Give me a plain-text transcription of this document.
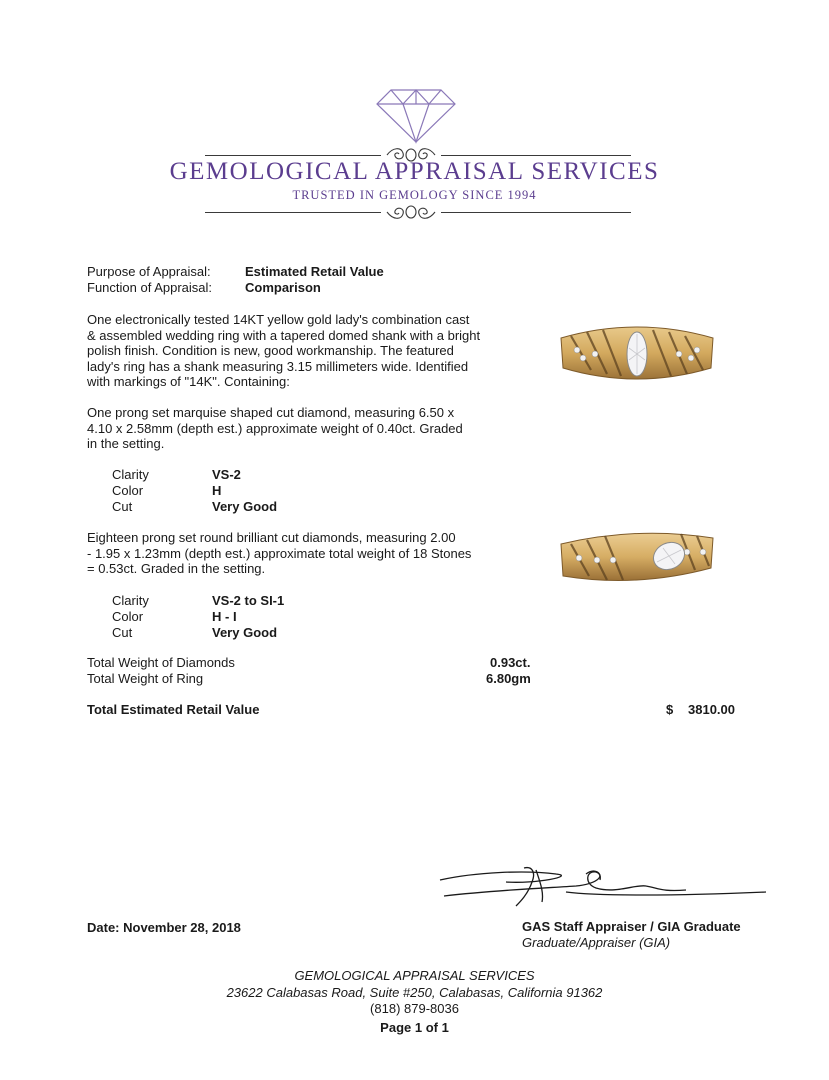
GEMOLOGICAL APPRAISAL SERVICES
TRUSTED IN GEMOLOGY SINCE 1994
Purpose of Appraisal:	Estimated Retail Value
Function of Appraisal:	Comparison
One electronically tested 14KT yellow gold lady's combination cast
& assembled wedding ring with a tapered domed shank with a bright
polish finish. Condition is new, good workmanship. The featured
lady's ring has a shank measuring 3.15 millimeters wide. Identified
with markings of "14K". Containing:
One prong set marquise shaped cut diamond, measuring 6.50 x
4.10 x 2.58mm (depth est.) approximate weight of 0.40ct. Graded
in the setting.
Clarity	VS-2
Color	H
Cut	Very Good
Eighteen prong set round brilliant cut diamonds, measuring 2.00
- 1.95 x 1.23mm (depth est.) approximate total weight of 18 Stones
= 0.53ct. Graded in the setting.
Clarity	VS-2 to SI-1
Color	H - I
Cut	Very Good
Total Weight of Diamonds	0.93ct.
Total Weight of Ring	6.80gm
Total Estimated Retail Value	$ 3810.00
Date: November 28, 2018	GAS Staff Appraiser / GIA Graduate
Graduate/Appraiser (GIA)
GEMOLOGICAL APPRAISAL SERVICES
23622 Calabasas Road, Suite #250, Calabasas, California 91362
(818) 879-8036
Page 1 of 1
